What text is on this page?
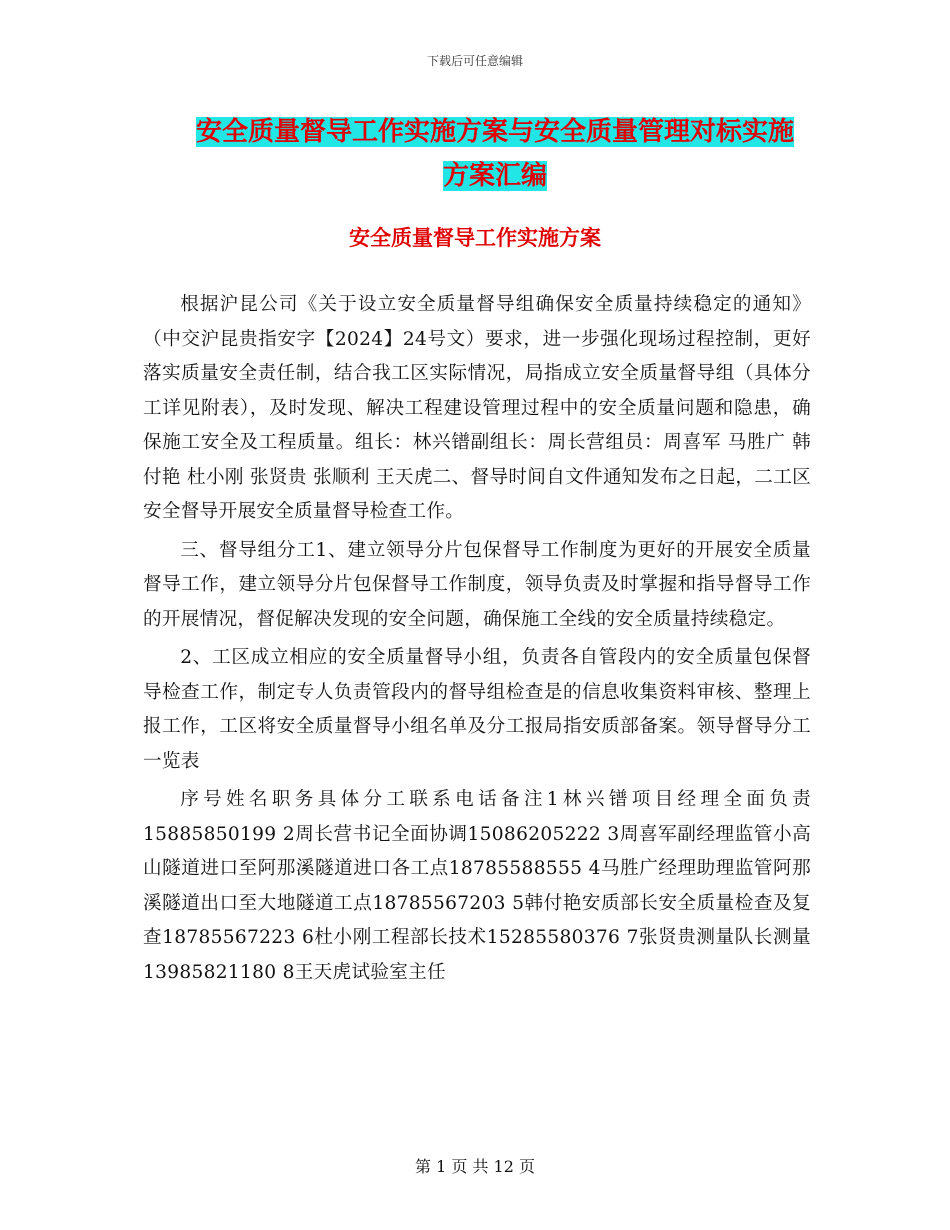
下载后可任意编辑
安全质量督导工作实施方案与安全质量管理对标实施
方案汇编
安全质量督导工作实施方案

根据沪昆公司《关于设立安全质量督导组确保安全质量持续稳定的通知》（中交沪昆贵指安字【2024】24号文）要求，进一步强化现场过程控制，更好落实质量安全责任制，结合我工区实际情况，局指成立安全质量督导组（具体分工详见附表），及时发现、解决工程建设管理过程中的安全质量问题和隐患，确保施工安全及工程质量。组长：林兴镨副组长：周长营组员：周喜军 马胜广 韩付艳 杜小刚 张贤贵 张顺利 王天虎二、督导时间自文件通知发布之日起，二工区安全督导开展安全质量督导检查工作。

三、督导组分工1、建立领导分片包保督导工作制度为更好的开展安全质量督导工作，建立领导分片包保督导工作制度，领导负责及时掌握和指导督导工作的开展情况，督促解决发现的安全问题，确保施工全线的安全质量持续稳定。

2、工区成立相应的安全质量督导小组，负责各自管段内的安全质量包保督导检查工作，制定专人负责管段内的督导组检查是的信息收集资料审核、整理上报工作，工区将安全质量督导小组名单及分工报局指安质部备案。领导督导分工一览表

序号姓名职务具体分工联系电话备注1林兴镨项目经理全面负责15885850199 2周长营书记全面协调15086205222 3周喜军副经理监管小高山隧道进口至阿那溪隧道进口各工点18785588555 4马胜广经理助理监管阿那溪隧道出口至大地隧道工点18785567203 5韩付艳安质部长安全质量检查及复查18785567223 6杜小刚工程部长技术15285580376 7张贤贵测量队长测量13985821180 8王天虎试验室主任

第 1 页 共 12 页
